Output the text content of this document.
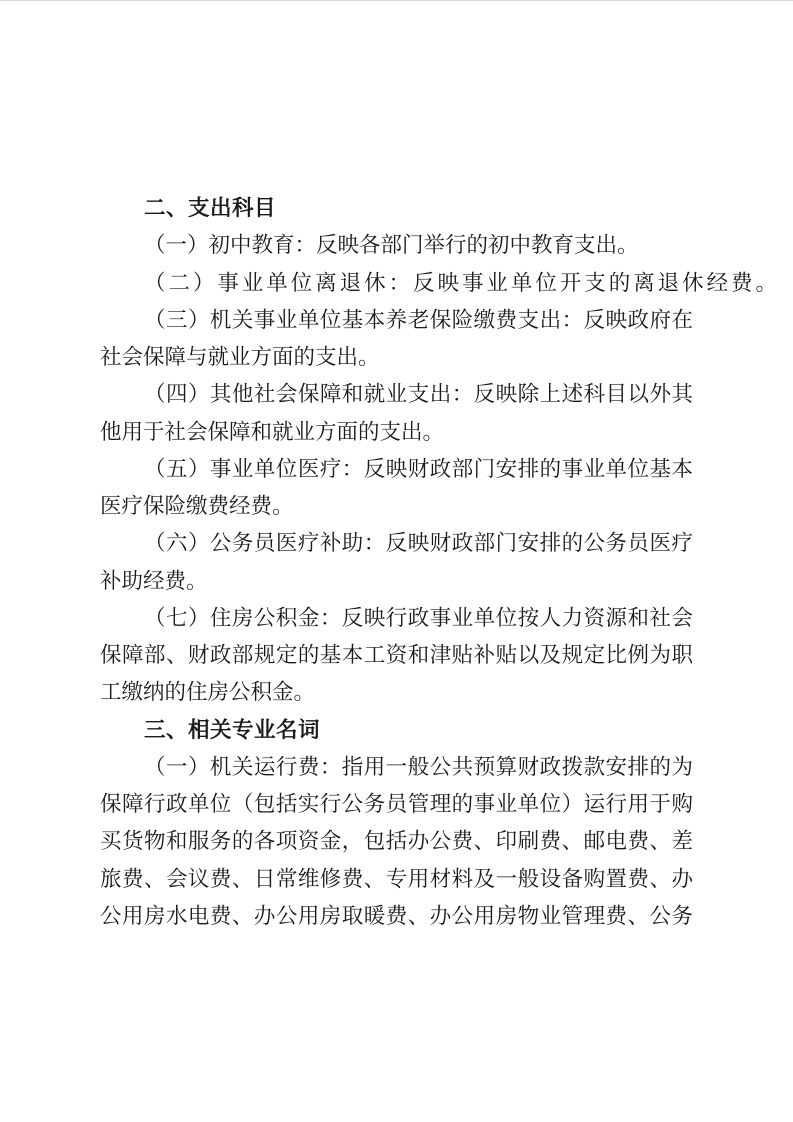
二、支出科目
（一）初中教育：反映各部门举行的初中教育支出。
（二）事业单位离退休：反映事业单位开支的离退休经费。
（三）机关事业单位基本养老保险缴费支出：反映政府在
社会保障与就业方面的支出。
（四）其他社会保障和就业支出：反映除上述科目以外其
他用于社会保障和就业方面的支出。
（五）事业单位医疗：反映财政部门安排的事业单位基本
医疗保险缴费经费。
（六）公务员医疗补助：反映财政部门安排的公务员医疗
补助经费。
（七）住房公积金：反映行政事业单位按人力资源和社会
保障部、财政部规定的基本工资和津贴补贴以及规定比例为职
工缴纳的住房公积金。
三、相关专业名词
（一）机关运行费：指用一般公共预算财政拨款安排的为
保障行政单位（包括实行公务员管理的事业单位）运行用于购
买货物和服务的各项资金，包括办公费、印刷费、邮电费、差
旅费、会议费、日常维修费、专用材料及一般设备购置费、办
公用房水电费、办公用房取暖费、办公用房物业管理费、公务
